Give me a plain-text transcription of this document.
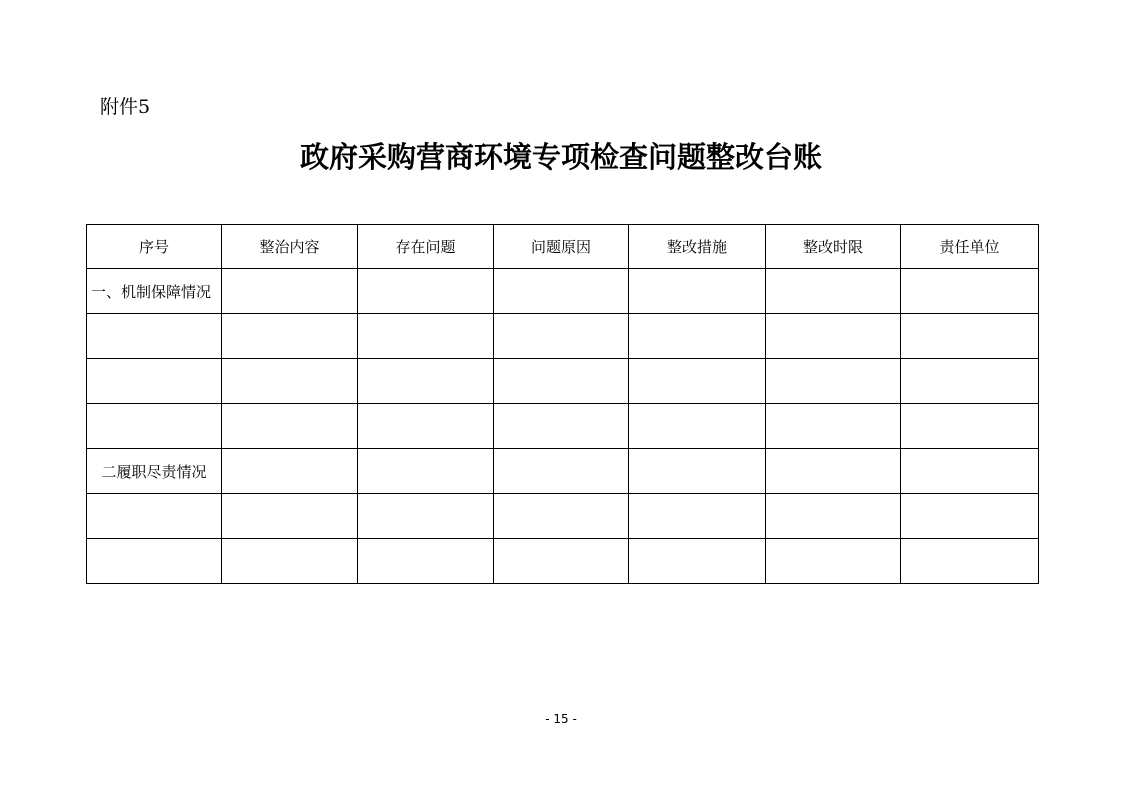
附件5
政府采购营商环境专项检查问题整改台账
序号	整治内容	存在问题	问题原因	整改措施	整改时限	责任单位
一、机制保障情况						

二履职尽责情况						

- 15 -
